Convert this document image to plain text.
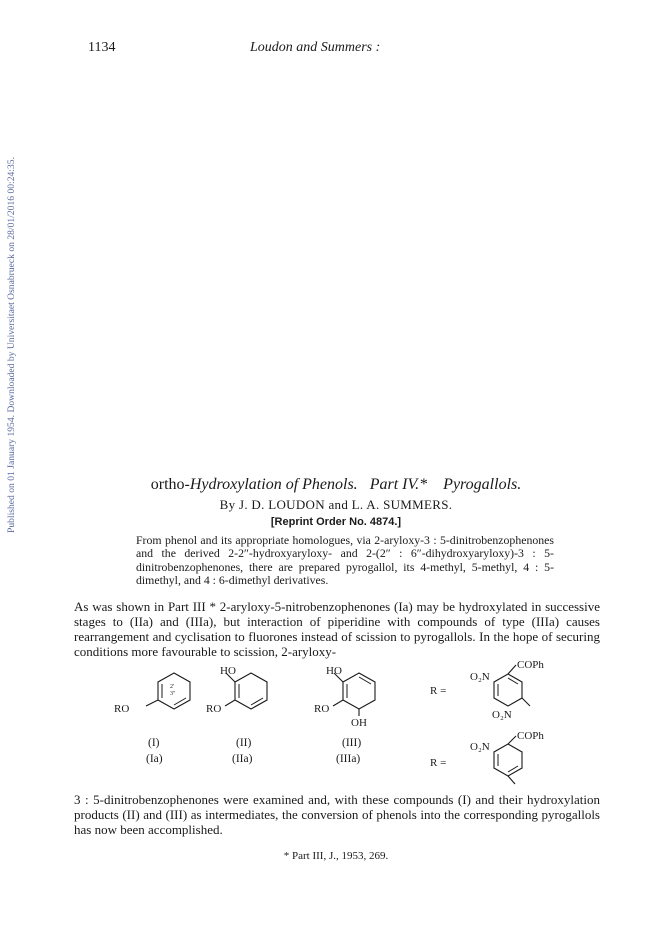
1134	Loudon and Summers :
Published on 01 January 1954. Downloaded by Universitaet Osnabrueck on 28/01/2016 00:24:35.	ortho-Hydroxylation of Phenols. Part IV.* Pyrogallols.
By J. D. LOUDON and L. A. SUMMERS.
[Reprint Order No. 4874.]
From phenol and its appropriate homologues, via 2-aryloxy-3 : 5-dinitrobenzophenones and the derived 2-2″-hydroxyaryloxy- and 2-(2″ : 6″-dihydroxyaryloxy)-3 : 5-dinitrobenzophenones, there are prepared pyrogallol, its 4-methyl, 5-methyl, 4 : 5-dimethyl, and 4 : 6-dimethyl derivatives.
As was shown in Part III * 2-aryloxy-5-nitrobenzophenones (Ia) may be hydroxylated in successive stages to (IIa) and (IIIa), but interaction of piperidine with compounds of type (IIIa) causes rearrangement and cyclisation to fluorones instead of scission to pyrogallols. In the hope of securing conditions more favourable to scission, 2-aryloxy-
RO
2′
3″
HO
RO
HO
RO
OH
(I)	(II)	(III)
(Ia)	(IIa)	(IIIa)
R =
O₂N
COPh
O₂N
R =
O₂N
COPh
3 : 5-dinitrobenzophenones were examined and, with these compounds (I) and their hydroxylation products (II) and (III) as intermediates, the conversion of phenols into the corresponding pyrogallols has now been accomplished.
* Part III, J., 1953, 269.
